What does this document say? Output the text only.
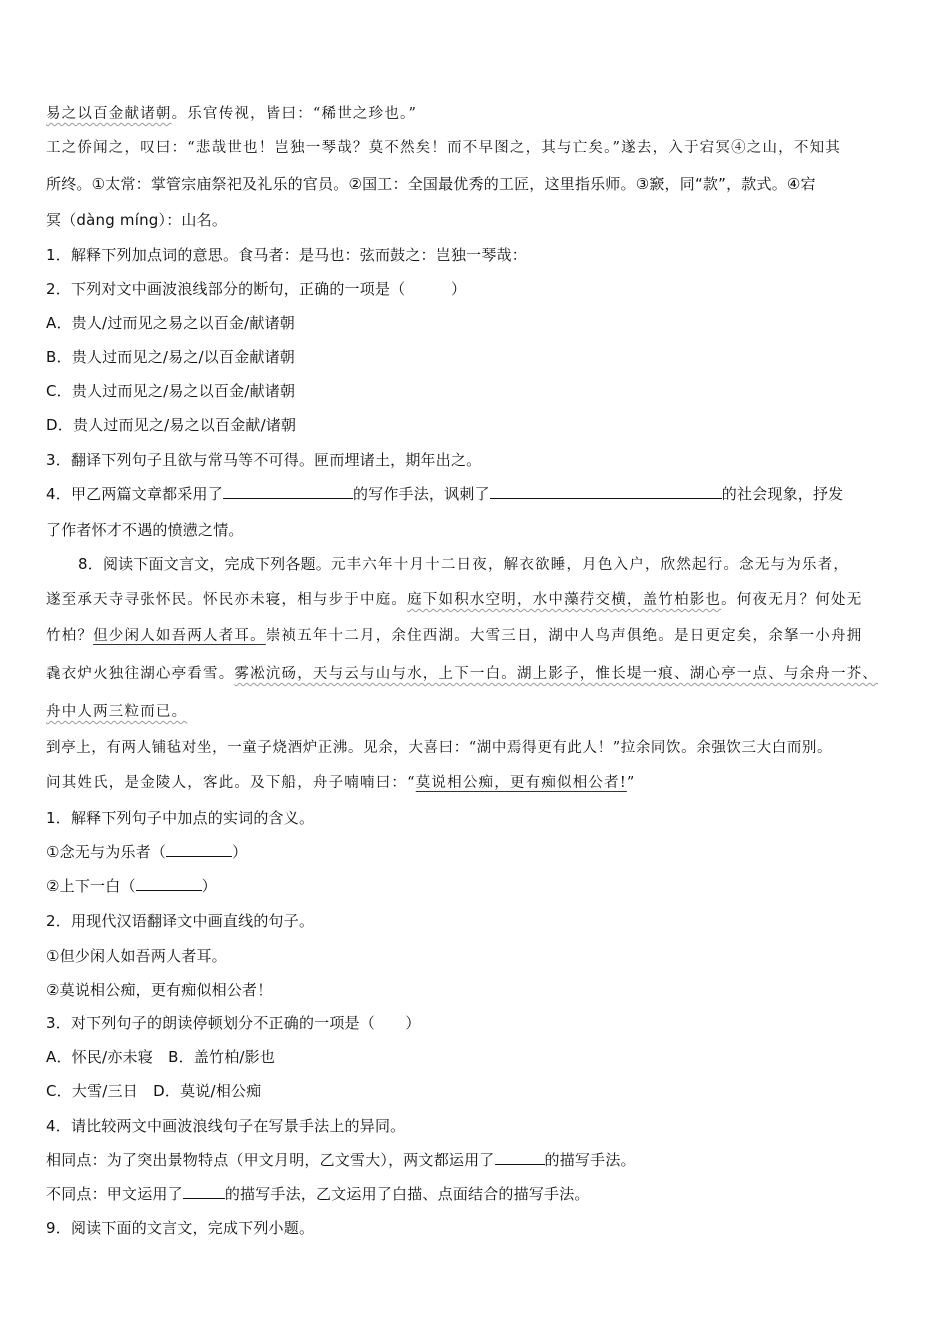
易之以百金献诸朝。乐官传视，皆曰：“稀世之珍也。”
工之侨闻之，叹曰：“悲哉世也！岂独一琴哉？莫不然矣！而不早图之，其与亡矣。”遂去，入于宕冥④之山，不知其
所终。①太常：掌管宗庙祭祀及礼乐的官员。②国工：全国最优秀的工匠，这里指乐师。③窾，同“款”，款式。④宕
冥（dàng míng）：山名。
1．解释下列加点词的意思。食马者：是马也：弦而鼓之：岂独一琴哉：
2．下列对文中画波浪线部分的断句，正确的一项是（　　　）
A．贵人/过而见之易之以百金/献诸朝
B．贵人过而见之/易之/以百金献诸朝
C．贵人过而见之/易之以百金/献诸朝
D．贵人过而见之/易之以百金献/诸朝
3．翻译下列句子且欲与常马等不可得。匣而埋诸土，期年出之。
4．甲乙两篇文章都采用了	的写作手法，讽刺了	的社会现象，抒发
了作者怀才不遇的愤懑之情。
8．阅读下面文言文，完成下列各题。元丰六年十月十二日夜，解衣欲睡，月色入户，欣然起行。念无与为乐者，
遂至承天寺寻张怀民。怀民亦未寝，相与步于中庭。庭下如积水空明，水中藻荇交横，盖竹柏影也。何夜无月？何处无
竹柏？但少闲人如吾两人者耳。崇祯五年十二月，余住西湖。大雪三日，湖中人鸟声俱绝。是日更定矣，余拏一小舟拥
毳衣炉火独往湖心亭看雪。雾凇沆砀，天与云与山与水，上下一白。湖上影子，惟长堤一痕、湖心亭一点、与余舟一芥、
舟中人两三粒而已。
到亭上，有两人铺毡对坐，一童子烧酒炉正沸。见余，大喜曰：“湖中焉得更有此人！”拉余同饮。余强饮三大白而别。
问其姓氏，是金陵人，客此。及下船，舟子喃喃曰：“莫说相公痴，更有痴似相公者!”
1．解释下列句子中加点的实词的含义。
①念无与为乐者（	）
②上下一白（	）
2．用现代汉语翻译文中画直线的句子。
①但少闲人如吾两人者耳。
②莫说相公痴，更有痴似相公者！
3．对下列句子的朗读停顿划分不正确的一项是（　　）
A．怀民/亦未寝　B．盖竹柏/影也
C．大雪/三日　D．莫说/相公痴
4．请比较两文中画波浪线句子在写景手法上的异同。
相同点：为了突出景物特点（甲文月明，乙文雪大），两文都运用了	的描写手法。
不同点：甲文运用了	的描写手法，乙文运用了白描、点面结合的描写手法。
9．阅读下面的文言文，完成下列小题。
